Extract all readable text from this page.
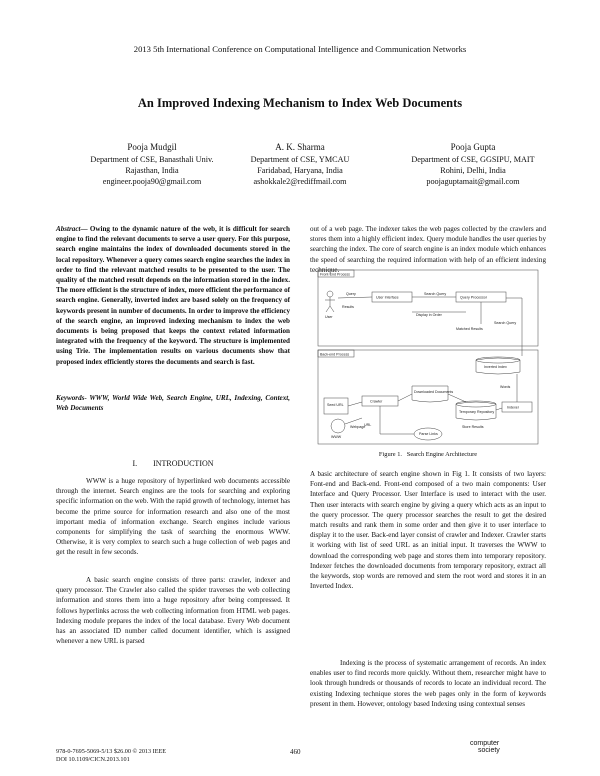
2013 5th International Conference on Computational Intelligence and Communication Networks
An Improved Indexing Mechanism to Index Web Documents
Pooja Mudgil
Department of CSE, Banasthali Univ.
Rajasthan, India
engineer.pooja90@gmail.com
A. K. Sharma
Department of CSE, YMCAU
Faridabad, Haryana, India
ashokkale2@rediffmail.com
Pooja Gupta
Department of CSE, GGSIPU, MAIT
Rohini, Delhi, India
poojaguptamait@gmail.com

Abstract— Owing to the dynamic nature of the web, it is difficult for search engine to find the relevant documents to serve a user query. For this purpose, search engine maintains the index of downloaded documents stored in the local repository. Whenever a query comes search engine searches the index in order to find the relevant matched results to be presented to the user. The quality of the matched result depends on the information stored in the index. The more efficient is the structure of index, more efficient the performance of search engine. Generally, inverted index are based solely on the frequency of keywords present in number of documents. In order to improve the efficiency of the search engine, an improved indexing mechanism to index the web documents is being proposed that keeps the context related information integrated with the frequency of the keyword. The structure is implemented using Trie. The implementation results on various documents show that proposed index efficiently stores the documents and search is fast.

Keywords- WWW, World Wide Web, Search Engine, URL, Indexing, Context, Web Documents
I.        INTRODUCTION

WWW is a huge repository of hyperlinked web documents accessible through the internet. Search engines are the tools for searching and exploring specific information on the web. With the rapid growth of technology, internet has become the prime source for information research and also one of the most important media of information exchange. Search engines include various components for simplifying the task of searching the enormous WWW. Otherwise, it is very complex to search such a huge collection of web pages and get the result in few seconds.

A basic search engine consists of three parts: crawler, indexer and query processor. The Crawler also called the spider traverses the web collecting information and stores them into a huge repository after being compressed. It follows hyperlinks across the web collecting information from HTML web pages. Indexing module prepares the index of the local database. Every Web document has an associated ID number called document identifier, which is assigned whenever a new URL is parsed

out of a web page. The indexer takes the web pages collected by the crawlers and stores them into a highly efficient index. Query module handles the user queries by searching the index. The core of search engine is an index module which enhances the speed of searching the required information with help of an efficient indexing technique.

Front-End Process
Back-end Process
User
Query
Results
User Interface
Display in Order
Search Query
Query Processor
Matched Results
Search Query
Inverted Index
Words
Seed URL
WWW
Webpage
URL
Crawler
Downloaded Documents
Temporary Repository
Indexer
Store Results
Parse Links
Figure 1.   Search Engine Architecture

A basic architecture of search engine shown in Fig 1. It consists of two layers: Font-end and Back-end. Front-end composed of a two main components: User Interface and Query Processor. User Interface is used to interact with the user. Then user interacts with search engine by giving a query which acts as an input to the query processor. The query processor searches the result to get the desired match results and rank them in some order and then give it to user interface to display it to the user. Back-end layer consist of crawler and Indexer. Crawler starts it working with list of seed URL as an initial input. It traverses the WWW to download the corresponding web page and stores them into temporary repository. Indexer fetches the downloaded documents from temporary repository, extract all the keywords, stop words are removed and stem the root word and stores it in an Inverted Index.

Indexing is the process of systematic arrangement of records. An index enables user to find records more quickly. Without them, researcher might have to look through hundreds or thousands of records to locate an individual record. The existing Indexing technique stores the web pages only in the form of keywords present in them. However, ontology based Indexing using contextual senses

978-0-7695-5069-5/13 $26.00 © 2013 IEEE
DOI 10.1109/CICN.2013.101
460
computer
society
